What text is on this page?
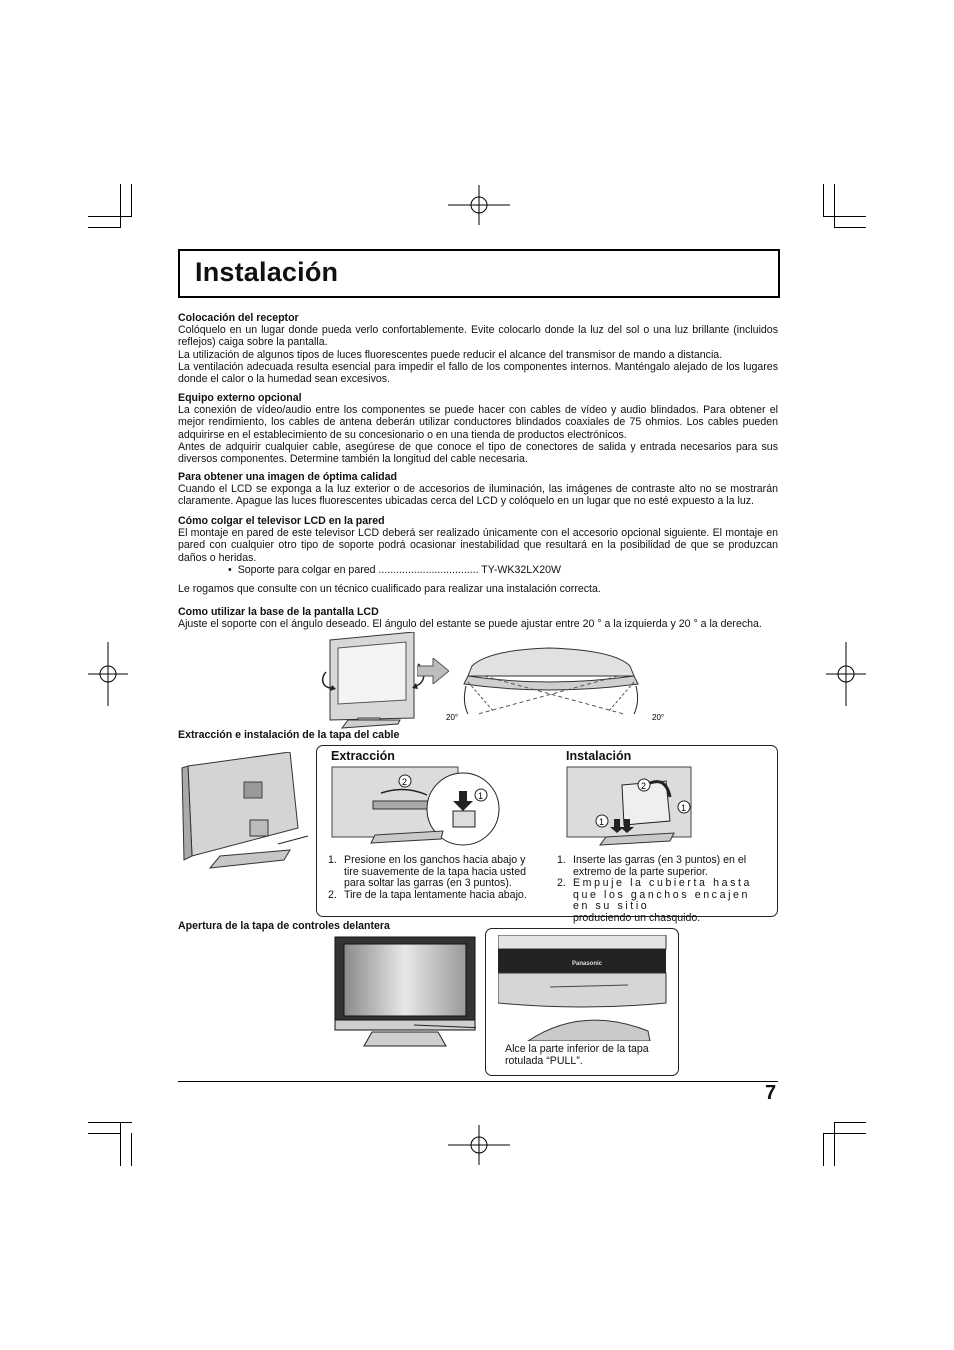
Instalación
Colocación del receptor

Colóquelo en un lugar donde pueda verlo confortablemente. Evite colocarlo donde la luz del sol o una luz brillante (incluidos reflejos) caiga sobre la pantalla.

La utilización de algunos tipos de luces fluorescentes puede reducir el alcance del transmisor de mando a distancia.

La ventilación adecuada resulta esencial para impedir el fallo de los componentes internos. Manténgalo alejado de los lugares donde el calor o la humedad sean excesivos.

Equipo externo opcional

La conexión de vídeo/audio entre los componentes se puede hacer con cables de vídeo y audio blindados. Para obtener el mejor rendimiento, los cables de antena deberán utilizar conductores blindados coaxiales de 75 ohmios. Los cables pueden adquirirse en el establecimiento de su concesionario o en una tienda de productos electrónicos.

Antes de adquirir cualquier cable, asegúrese de que conoce el tipo de conectores de salida y entrada necesarios para sus diversos componentes. Determine también la longitud del cable necesaria.

Para obtener una imagen de óptima calidad

Cuando el LCD se exponga a la luz exterior o de accesorios de iluminación, las imágenes de contraste alto no se mostrarán claramente. Apague las luces fluorescentes ubicadas cerca del LCD y colóquelo en un lugar que no esté expuesto a la luz.

Cómo colgar el televisor LCD en la pared

El montaje en pared de este televisor LCD deberá ser realizado únicamente con el accesorio opcional siguiente. El montaje en pared con cualquier otro tipo de soporte podrá ocasionar inestabilidad que resultará en la posibilidad de que se produzcan daños o heridas.

• Soporte para colgar en pared .................................. TY-WK32LX20W

Le rogamos que consulte con un técnico cualificado para realizar una instalación correcta.

Como utilizar la base de la pantalla LCD

Ajuste el soporte con el ángulo deseado. El ángulo del estante se puede ajustar entre 20 ° a la izquierda y 20 ° a la derecha.

20°	20°
Extracción e instalación de la tapa del cable
Extracción	Instalación
2
1
2
1
1
1. Presione en los ganchos hacia abajo y tire suavemente de la tapa hacia usted para soltar las garras (en 3 puntos).
2. Tire de la tapa lentamente hacia abajo.
1. Inserte las garras (en 3 puntos) en el extremo de la parte superior.
2. Empuje la cubierta hasta que los ganchos encajen en su sitio
produciendo un chasquido.
Apertura de la tapa de controles delantera
Panasonic
Alce la parte inferior de la tapa rotulada “PULL”.
7
